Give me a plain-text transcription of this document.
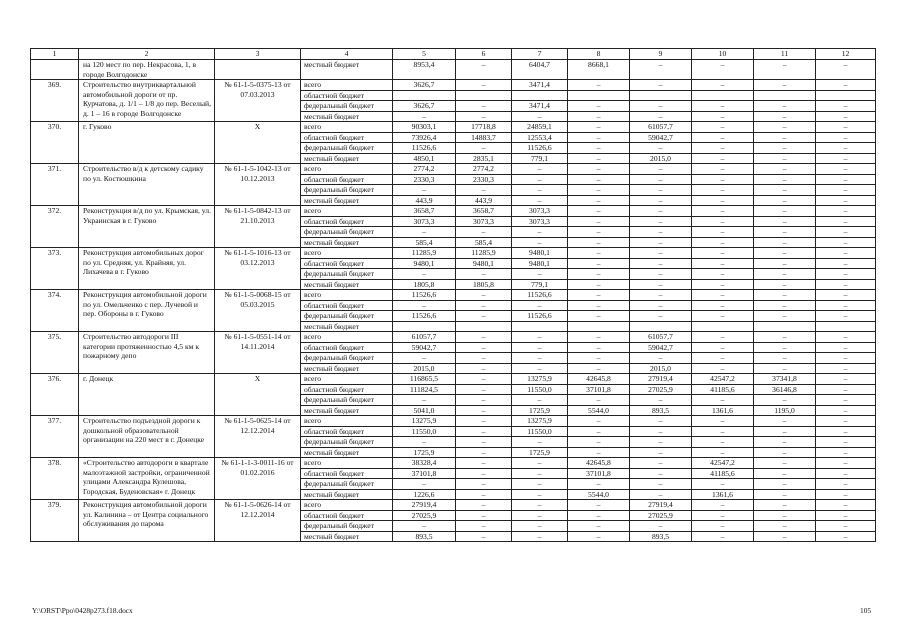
1	2	3	4	5	6	7	8	9	10	11	12
	на 120 мест по пер. Некрасова, 1, в городе Волгодонске		местный бюджет	8953,4	–	6404,7	8668,1	–	–	–	–
369.	Строительство внутриквартальной автомобильной дороги от пр. Курчатова, д. 1/1 – 1/8 до пер. Веселый, д. 1 – 16 в городе Волгодонске	№ 61-1-5-0375-13 от 07.03.2013	всего	3626,7	–	3471,4	–	–	–	–	–
			областной бюджет								
			федеральный бюджет	3626,7	–	3471,4	–	–	–	–	–
			местный бюджет	–	–	–	–	–	–	–	–
370.	г. Гуково	X	всего	90303,1	17718,8	24859,1	–	61057,7	–	–	–
			областной бюджет	73926,4	14883,7	12553,4	–	59042,7	–	–	–
			федеральный бюджет	11526,6	–	11526,6	–	–	–	–	–
			местный бюджет	4850,1	2835,1	779,1	–	2015,0	–	–	–
371.	Строительство в/д к детскому садику по ул. Костюшкина	№ 61-1-5-1042-13 от 10.12.2013	всего	2774,2	2774,2	–	–	–	–	–	–
			областной бюджет	2330,3	2330,3	–	–	–	–	–	–
			федеральный бюджет	–	–	–	–	–	–	–	–
			местный бюджет	443,9	443,9	–	–	–	–	–	–
372.	Реконструкция в/д по ул. Крымская, ул. Украинская в г. Гуково	№ 61-1-5-0842-13 от 21.10.2013	всего	3658,7	3658,7	3073,3	–	–	–	–	–
			областной бюджет	3073,3	3073,3	3073,3	–	–	–	–	–
			федеральный бюджет	–	–	–	–	–	–	–	–
			местный бюджет	585,4	585,4	–	–	–	–	–	–
373.	Реконструкция автомобильных дорог по ул. Средняя, ул. Крайняя, ул. Лихачева в г. Гуково	№ 61-1-5-1016-13 от 03.12.2013	всего	11285,9	11285,9	9480,1	–	–	–	–	–
			областной бюджет	9480,1	9480,1	9480,1	–	–	–	–	–
			федеральный бюджет	–	–	–	–	–	–	–	–
			местный бюджет	1805,8	1805,8	779,1	–	–	–	–	–
374.	Реконструкция автомобильной дороги по ул. Омельченко с пер. Лучевой и пер. Обороны в г. Гуково	№ 61-1-5-0068-15 от 05.03.2015	всего	11526,6	–	11526,6	–	–	–	–	–
			областной бюджет	–	–	–	–	–	–	–	–
			федеральный бюджет	11526,6	–	11526,6	–	–	–	–	–
			местный бюджет								
375.	Строительство автодороги III категории протяженностью 4,5 км к пожарному депо	№ 61-1-5-0551-14 от 14.11.2014	всего	61057,7	–	–	–	61057,7	–	–	–
			областной бюджет	59042,7	–	–	–	59042,7	–	–	–
			федеральный бюджет	–	–	–	–	–	–	–	–
			местный бюджет	2015,0	–	–	–	2015,0	–	–	–
376.	г. Донецк	X	всего	116865,5	–	13275,9	42645,8	27919,4	42547,2	37341,8	–
			областной бюджет	111824,5	–	11550,0	37101,8	27025,9	41185,6	36146,8	–
			федеральный бюджет	–	–	–	–	–	–	–	–
			местный бюджет	5041,0	–	1725,9	5544,0	893,5	1361,6	1195,0	–
377.	Строительство подъездной дороги к дошкольной образовательной организации на 220 мест в г. Донецке	№ 61-1-5-0625-14 от 12.12.2014	всего	13275,9	–	13275,9	–	–	–	–	–
			областной бюджет	11550,0	–	11550,0	–	–	–	–	–
			федеральный бюджет	–	–	–	–	–	–	–	–
			местный бюджет	1725,9	–	1725,9	–	–	–	–	–
378.	«Строительство автодороги в квартале малоэтажной застройки, ограниченной улицами Александра Кулешова, Городская, Буденовская» г. Донецк	№ 61-1-1-3-0011-16 от 01.02.2016	всего	38328,4	–	–	42645,8	–	42547,2	–	–
			областной бюджет	37101,8	–	–	37101,8	–	41185,6	–	–
			федеральный бюджет	–	–	–	–	–	–	–	–
			местный бюджет	1226,6	–	–	5544,0	–	1361,6	–	–
379.	Реконструкция автомобильной дороги ул. Калинина – от Центра социального обслуживания до парома	№ 61-1-5-0626-14 от 12.12.2014	всего	27919,4	–	–	–	27919,4	–	–	–
			областной бюджет	27025,9	–	–	–	27025,9	–	–	–
			федеральный бюджет	–	–	–	–	–	–	–	–
			местный бюджет	893,5	–	–	–	893,5	–	–	–
Y:\ORST\Ppo\0428p273.f18.docx	105
